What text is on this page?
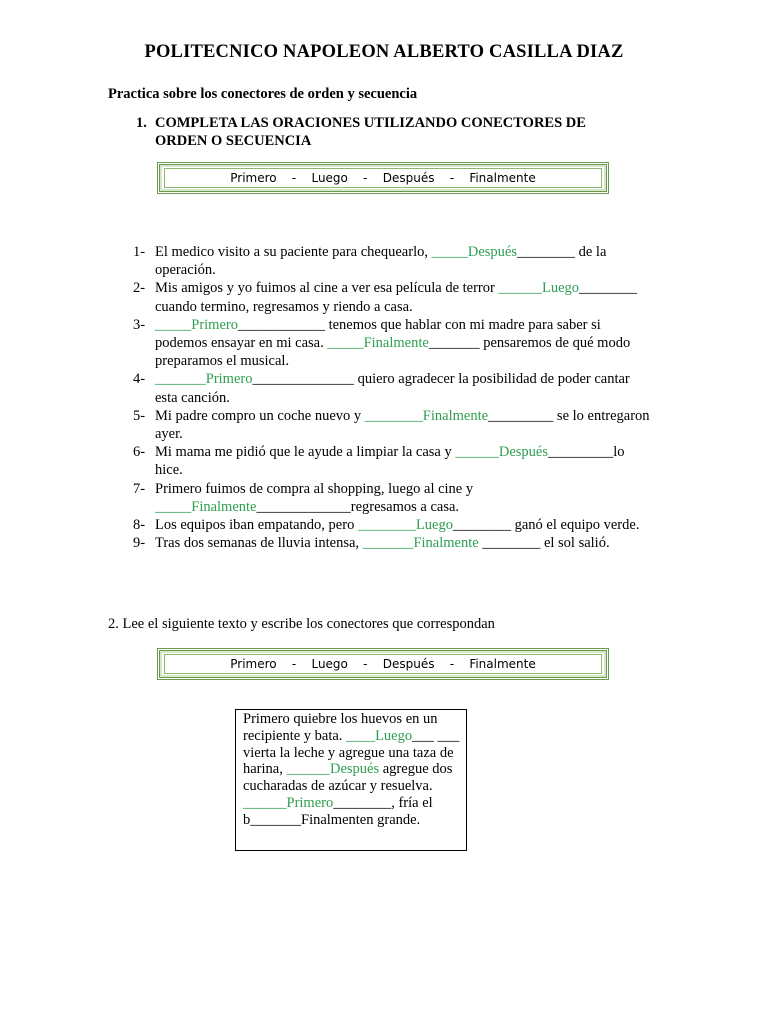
POLITECNICO NAPOLEON ALBERTO CASILLA DIAZ
Practica sobre los conectores de orden y secuencia
1. COMPLETA LAS ORACIONES UTILIZANDO CONECTORES DE ORDEN O SECUENCIA
Primero    -    Luego    -    Después    -    Finalmente
1- El medico visito a su paciente para chequearlo, _____Después________ de la operación.
2- Mis amigos y yo fuimos al cine a ver esa película de terror ______Luego________ cuando termino, regresamos y riendo a casa.
3- _____Primero____________ tenemos que hablar con mi madre para saber si podemos ensayar en mi casa. _____Finalmente_______ pensaremos de qué modo preparamos el musical.
4- _______Primero______________ quiero agradecer la posibilidad de poder cantar esta canción.
5- Mi padre compro un coche nuevo y ________Finalmente_________ se lo entregaron ayer.
6- Mi mama me pidió que le ayude a limpiar la casa y ______Después_________lo hice.
7- Primero fuimos de compra al shopping, luego al cine y _____Finalmente_____________regresamos a casa.
8- Los equipos iban empatando, pero ________Luego________ ganó el equipo verde.
9- Tras dos semanas de lluvia intensa, _______Finalmente ________ el sol salió.
2. Lee el siguiente texto y escribe los conectores que correspondan
Primero    -    Luego    -    Después    -    Finalmente
Primero quiebre los huevos en un recipiente y bata. ____Luego___ ___ vierta la leche y agregue una taza de harina, ______Después agregue dos cucharadas de azúcar y resuelva. ______Primero________, fría el b_______Finalmenten grande.
